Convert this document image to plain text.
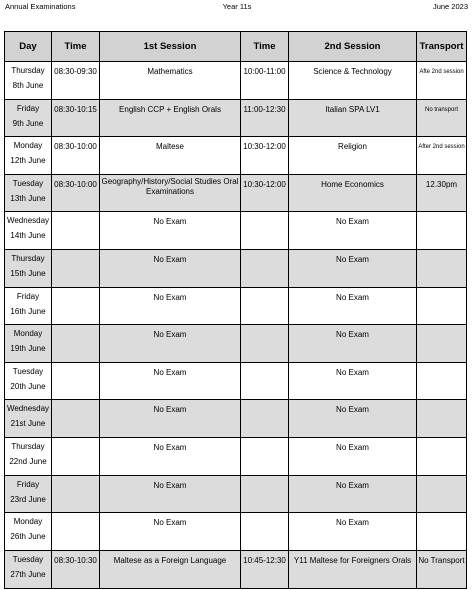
Annual Examinations	Year 11s	June 2023
Day	Time	1st Session	Time	2nd Session	Transport

Thursday
8th June	08:30-09:30	Mathematics	10:00-11:00	Science & Technology	Afte 2nd session

Friday
9th June	08:30-10:15	English CCP + English Orals	11:00-12:30	Italian SPA LV1	No transport

Monday
12th June	08:30-10:00	Maltese	10:30-12:00	Religion	After 2nd session

Tuesday
13th June	08:30-10:00	Geography/History/Social Studies Oral Examinations	10:30-12:00	Home Economics	12.30pm

Wednesday
14th June		No Exam		No Exam	

Thursday
15th June		No Exam		No Exam	

Friday
16th June		No Exam		No Exam	

Monday
19th June		No Exam		No Exam	

Tuesday
20th June		No Exam		No Exam	

Wednesday
21st June		No Exam		No Exam	

Thursday
22nd June		No Exam		No Exam	

Friday
23rd June		No Exam		No Exam	

Monday
26th June		No Exam		No Exam	

Tuesday
27th June	08:30-10:30	Maltese as a Foreign Language	10:45-12:30	Y11 Maltese for Foreigners Orals	No Transport
